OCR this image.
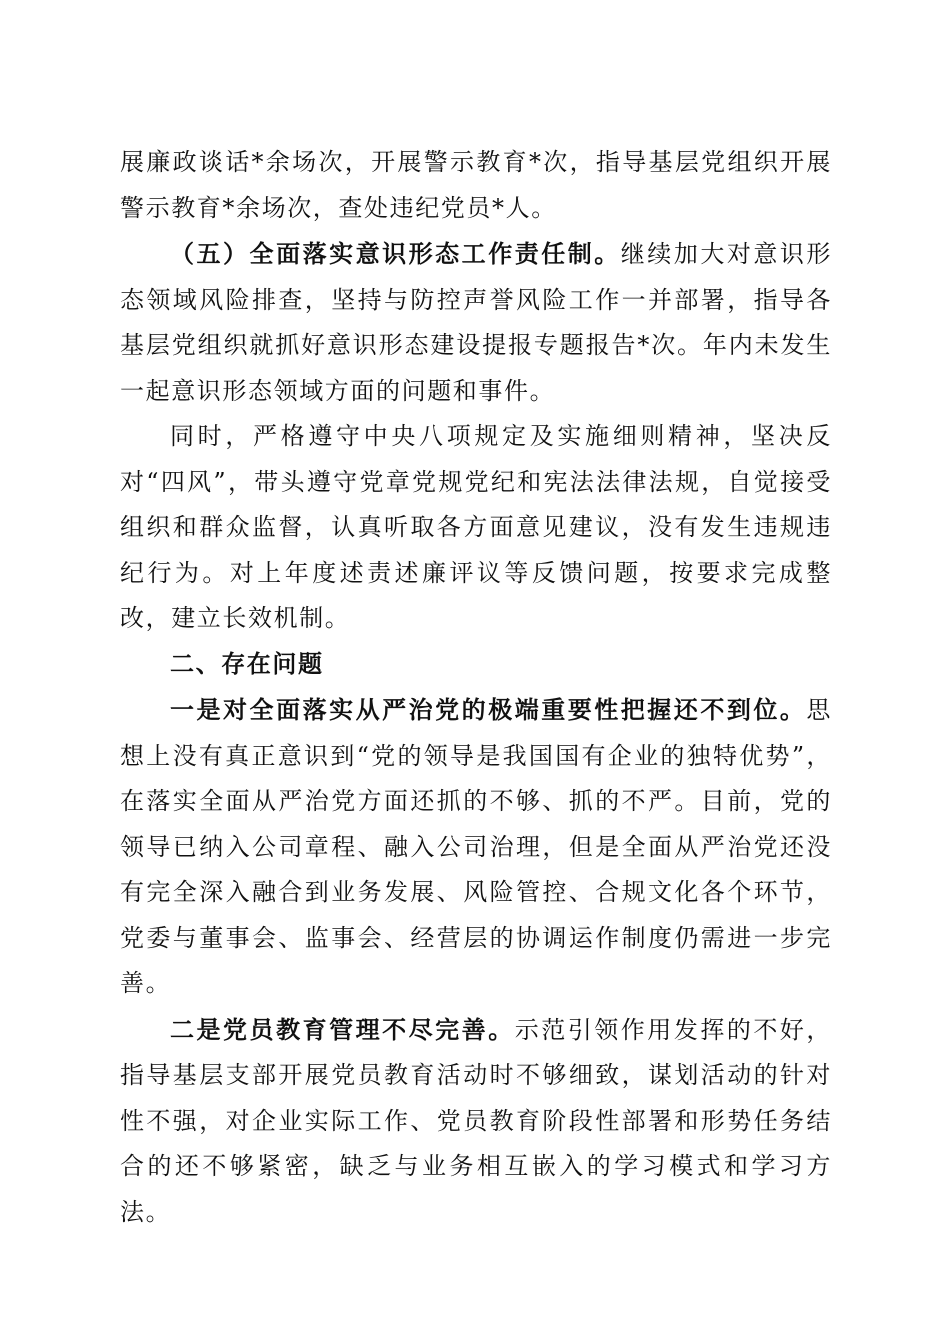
展廉政谈话*余场次，开展警示教育*次，指导基层党组织开展警示教育*余场次，查处违纪党员*人。

（五）全面落实意识形态工作责任制。继续加大对意识形态领域风险排查，坚持与防控声誉风险工作一并部署，指导各基层党组织就抓好意识形态建设提报专题报告*次。年内未发生一起意识形态领域方面的问题和事件。

同时，严格遵守中央八项规定及实施细则精神，坚决反对“四风”，带头遵守党章党规党纪和宪法法律法规，自觉接受组织和群众监督，认真听取各方面意见建议，没有发生违规违纪行为。对上年度述责述廉评议等反馈问题，按要求完成整改，建立长效机制。

二、存在问题

一是对全面落实从严治党的极端重要性把握还不到位。思想上没有真正意识到“党的领导是我国国有企业的独特优势”，在落实全面从严治党方面还抓的不够、抓的不严。目前，党的领导已纳入公司章程、融入公司治理，但是全面从严治党还没有完全深入融合到业务发展、风险管控、合规文化各个环节，党委与董事会、监事会、经营层的协调运作制度仍需进一步完善。

二是党员教育管理不尽完善。示范引领作用发挥的不好，指导基层支部开展党员教育活动时不够细致，谋划活动的针对性不强，对企业实际工作、党员教育阶段性部署和形势任务结合的还不够紧密，缺乏与业务相互嵌入的学习模式和学习方法。
